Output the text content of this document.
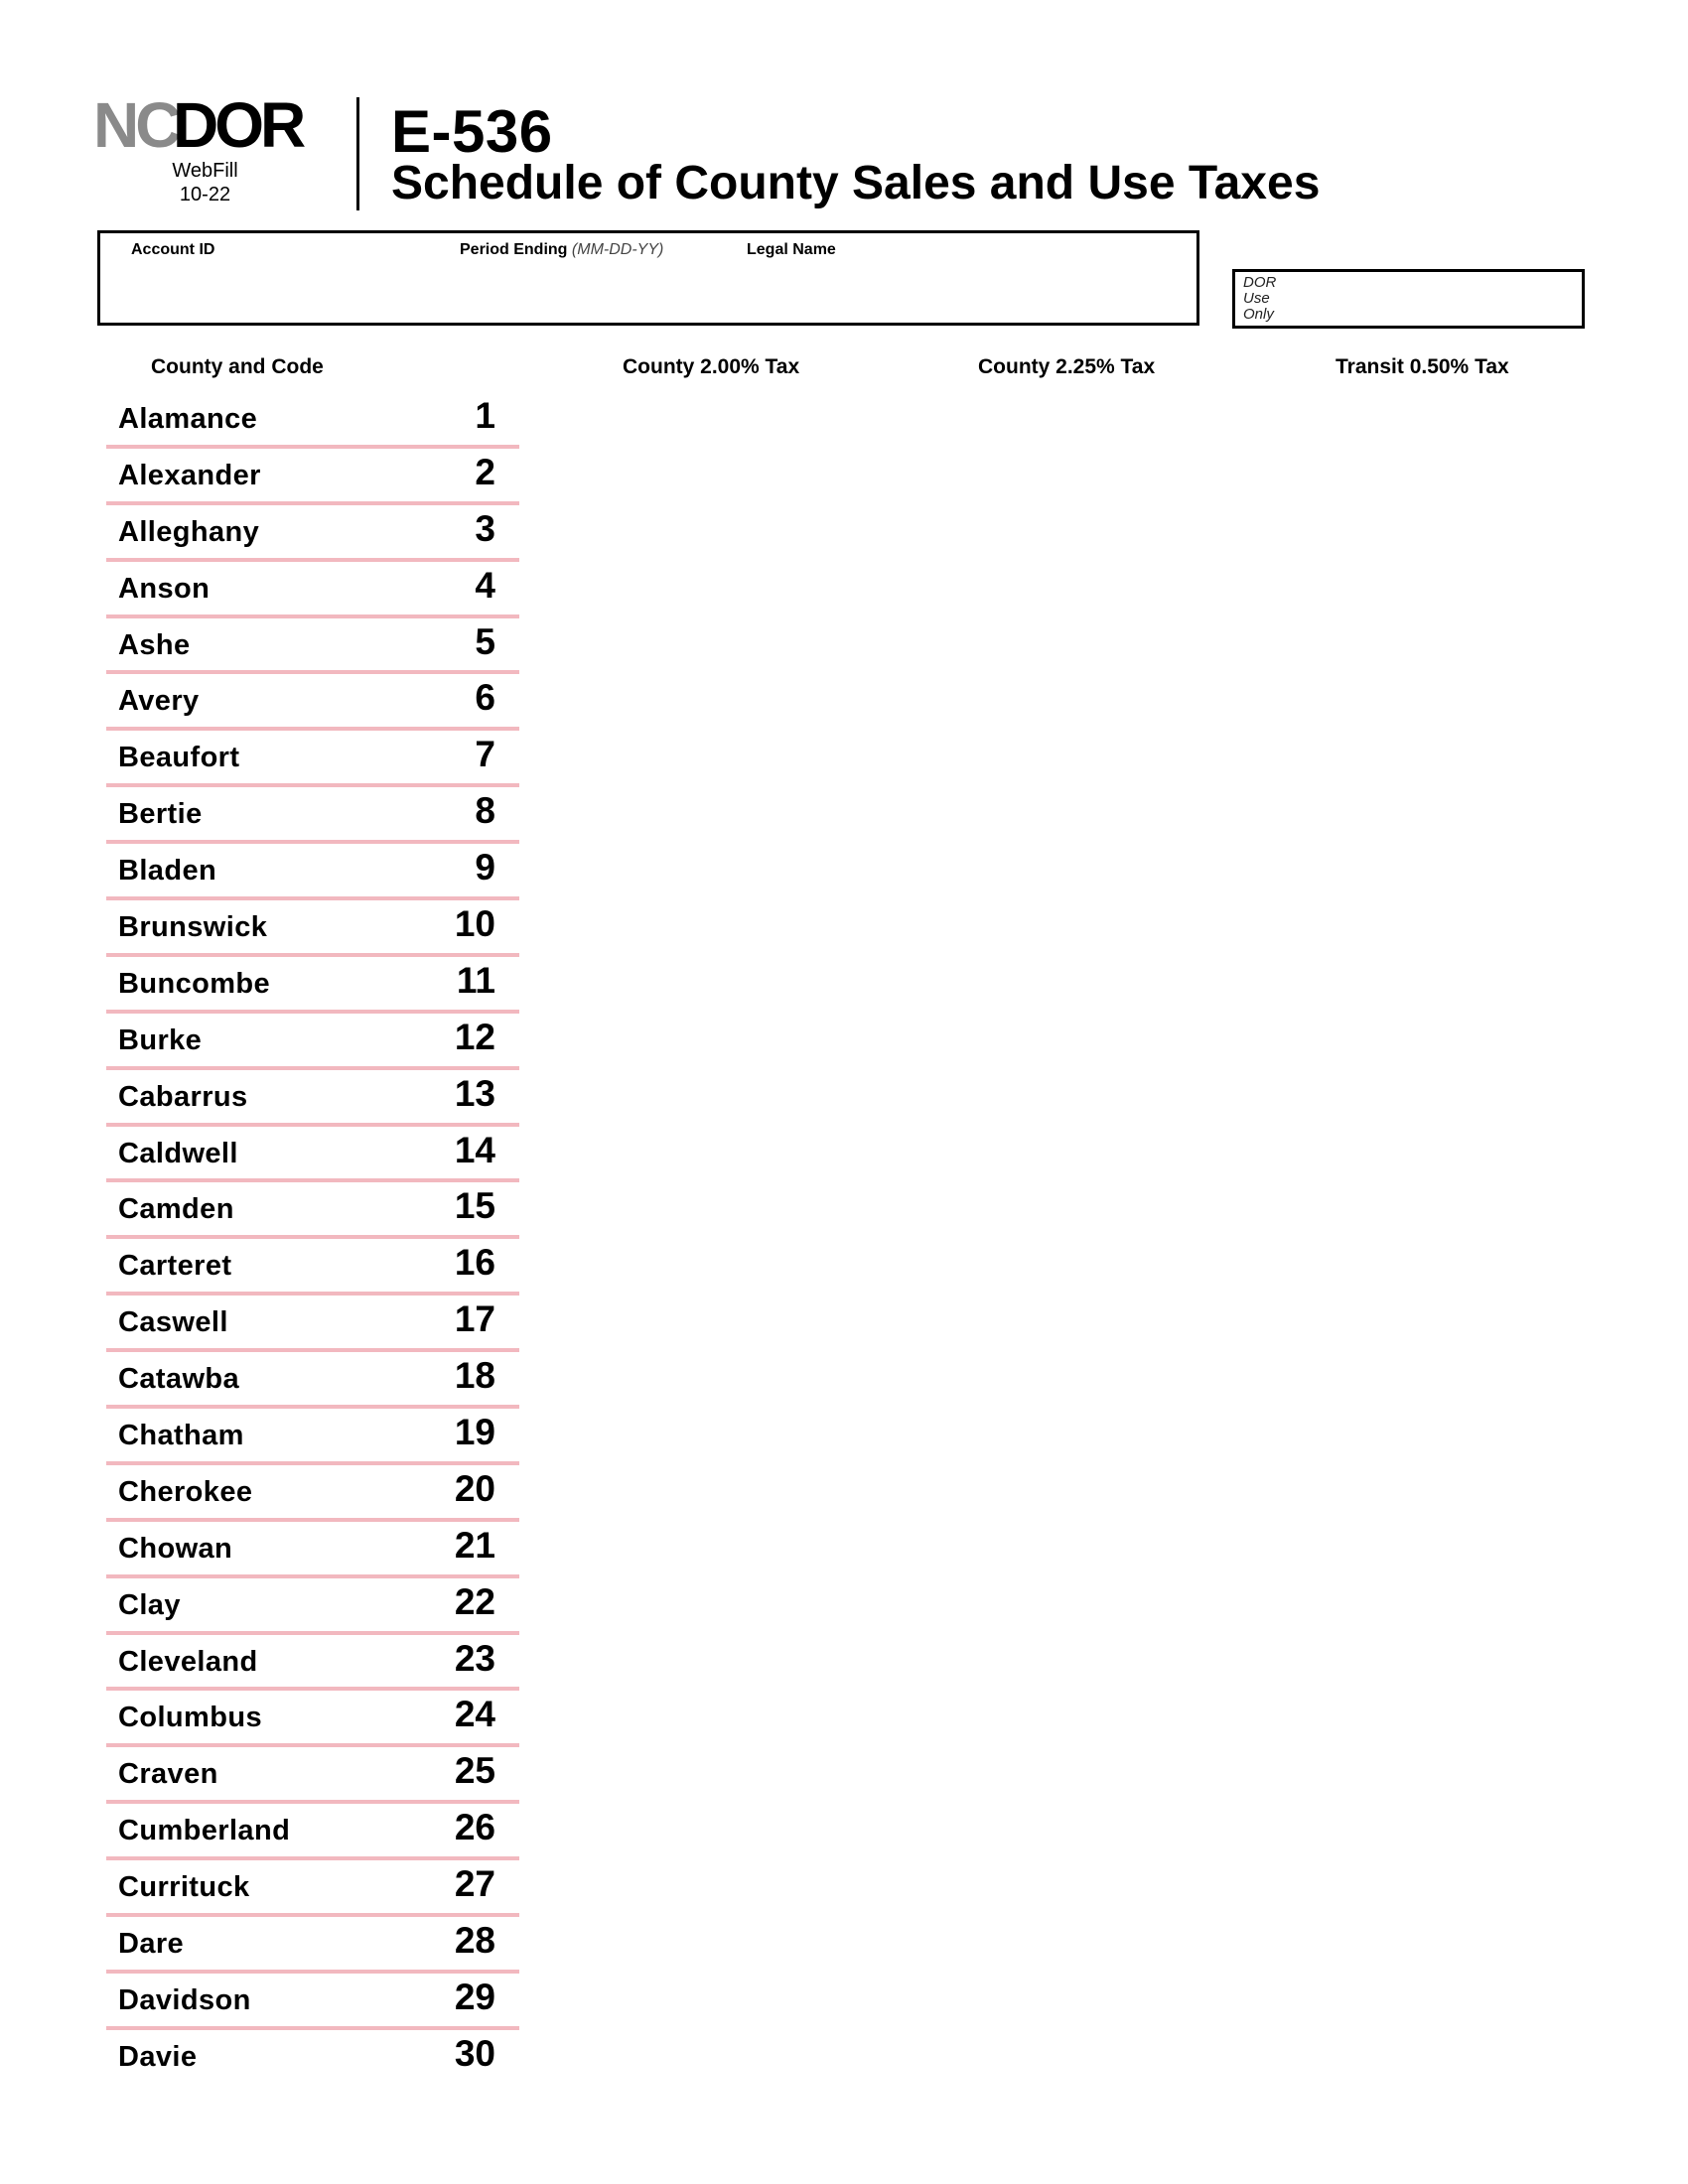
NC
DOR
WebFill
10-22
E-536
Schedule of County Sales and Use Taxes
Account ID	Period Ending (MM-DD-YY)	Legal Name
DOR
Use
Only
County and Code	County 2.00% Tax	County 2.25% Tax	Transit 0.50% Tax
Alamance	1
Alexander	2
Alleghany	3
Anson	4
Ashe	5
Avery	6
Beaufort	7
Bertie	8
Bladen	9
Brunswick	10
Buncombe	11
Burke	12
Cabarrus	13
Caldwell	14
Camden	15
Carteret	16
Caswell	17
Catawba	18
Chatham	19
Cherokee	20
Chowan	21
Clay	22
Cleveland	23
Columbus	24
Craven	25
Cumberland	26
Currituck	27
Dare	28
Davidson	29
Davie	30
